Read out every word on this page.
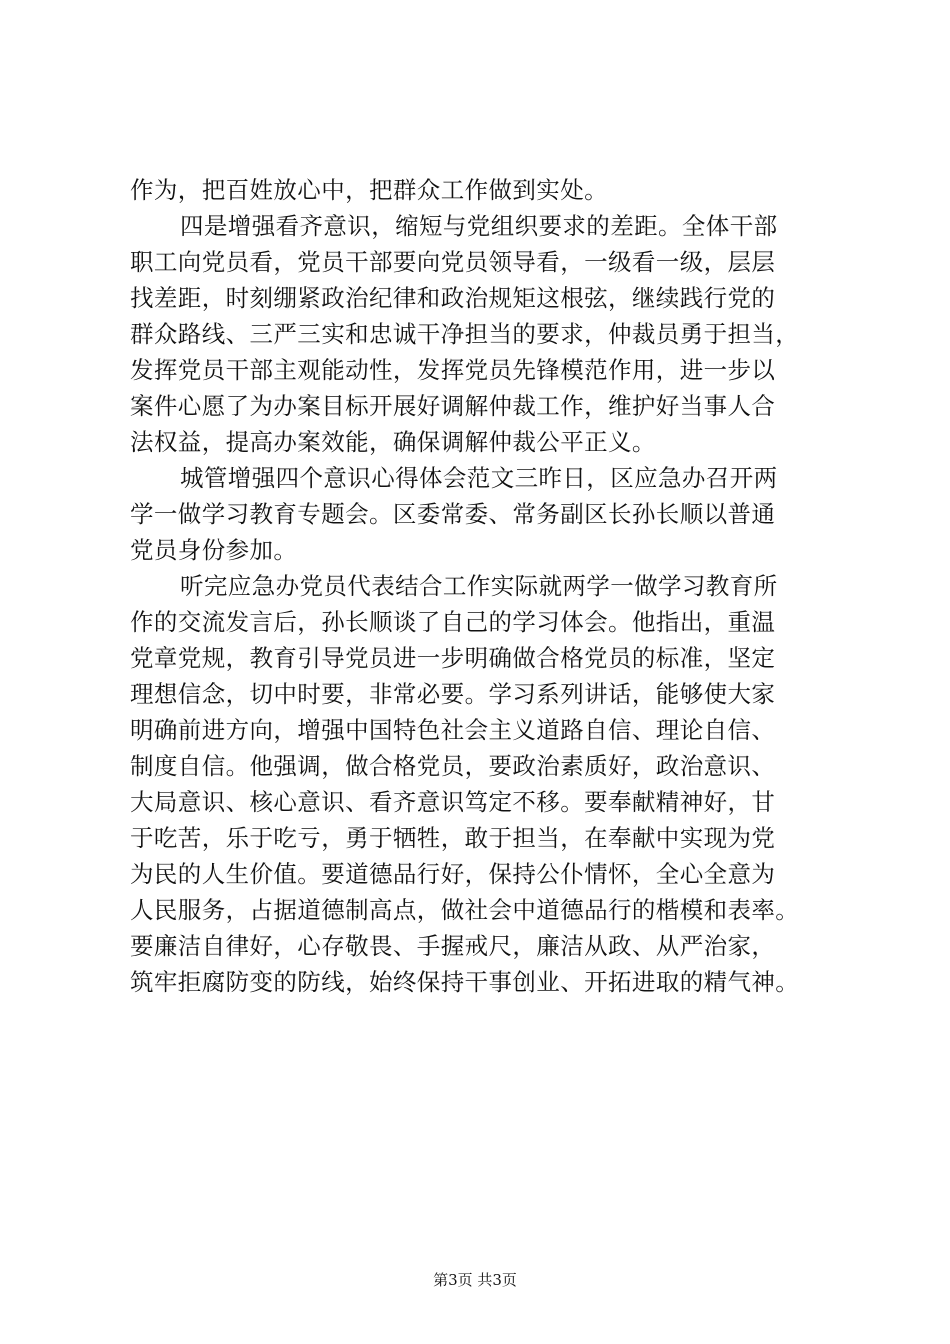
作为，把百姓放心中，把群众工作做到实处。
四是增强看齐意识，缩短与党组织要求的差距。全体干部
职工向党员看，党员干部要向党员领导看，一级看一级，层层
找差距，时刻绷紧政治纪律和政治规矩这根弦，继续践行党的
群众路线、三严三实和忠诚干净担当的要求，仲裁员勇于担当，
发挥党员干部主观能动性，发挥党员先锋模范作用，进一步以
案件心愿了为办案目标开展好调解仲裁工作，维护好当事人合
法权益，提高办案效能，确保调解仲裁公平正义。
城管增强四个意识心得体会范文三昨日，区应急办召开两
学一做学习教育专题会。区委常委、常务副区长孙长顺以普通
党员身份参加。
听完应急办党员代表结合工作实际就两学一做学习教育所
作的交流发言后，孙长顺谈了自己的学习体会。他指出，重温
党章党规，教育引导党员进一步明确做合格党员的标准，坚定
理想信念，切中时要，非常必要。学习系列讲话，能够使大家
明确前进方向，增强中国特色社会主义道路自信、理论自信、
制度自信。他强调，做合格党员，要政治素质好，政治意识、
大局意识、核心意识、看齐意识笃定不移。要奉献精神好，甘
于吃苦，乐于吃亏，勇于牺牲，敢于担当，在奉献中实现为党
为民的人生价值。要道德品行好，保持公仆情怀，全心全意为
人民服务，占据道德制高点，做社会中道德品行的楷模和表率。
要廉洁自律好，心存敬畏、手握戒尺，廉洁从政、从严治家，
筑牢拒腐防变的防线，始终保持干事创业、开拓进取的精气神。
第3页 共3页
